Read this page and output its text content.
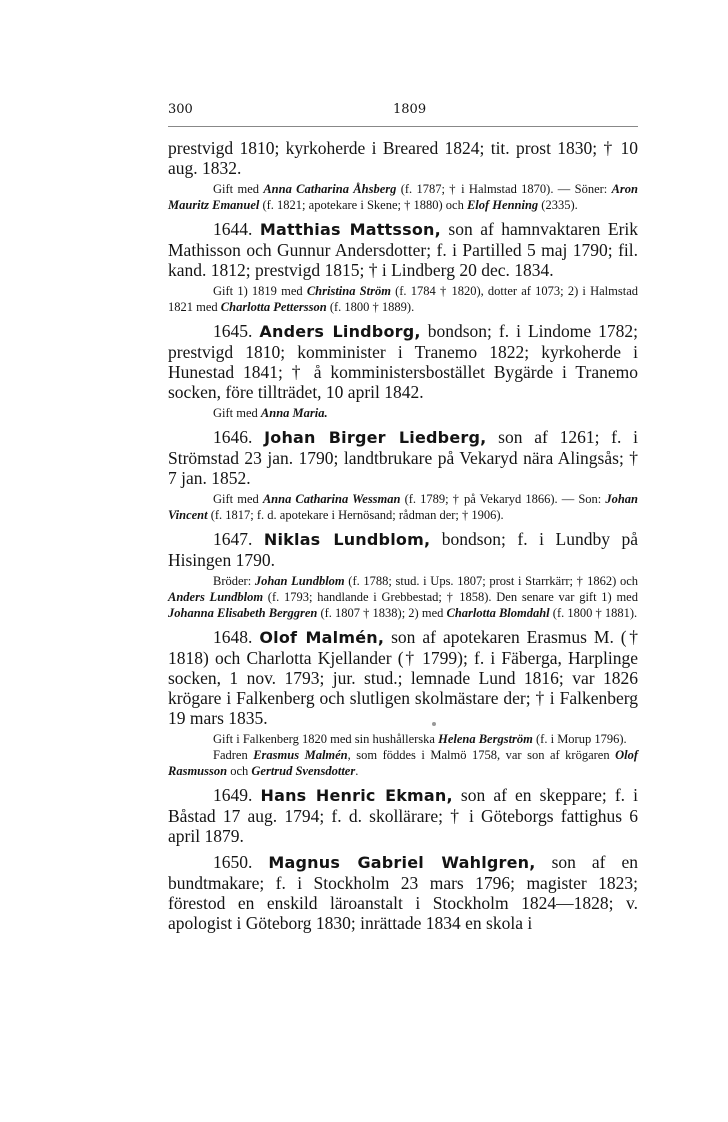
300	1809

prestvigd 1810; kyrkoherde i Breared 1824; tit. prost 1830; † 10 aug. 1832.

Gift med Anna Catharina Åhsberg (f. 1787; † i Halmstad 1870). — Söner: Aron Mauritz Emanuel (f. 1821; apotekare i Skene; † 1880) och Elof Henning (2335).

1644. Matthias Mattsson, son af hamnvaktaren Erik Mathisson och Gunnur Andersdotter; f. i Partilled 5 maj 1790; fil. kand. 1812; prestvigd 1815; † i Lindberg 20 dec. 1834.

Gift 1) 1819 med Christina Ström (f. 1784 † 1820), dotter af 1073; 2) i Halmstad 1821 med Charlotta Pettersson (f. 1800 † 1889).

1645. Anders Lindborg, bondson; f. i Lindome 1782; prestvigd 1810; komminister i Tranemo 1822; kyrkoherde i Hunestad 1841; † å komministersbostället Bygärde i Tranemo socken, före tillträdet, 10 april 1842.

Gift med Anna Maria.

1646. Johan Birger Liedberg, son af 1261; f. i Strömstad 23 jan. 1790; landtbrukare på Vekaryd nära Alingsås; † 7 jan. 1852.

Gift med Anna Catharina Wessman (f. 1789; † på Vekaryd 1866). — Son: Johan Vincent (f. 1817; f. d. apotekare i Hernösand; rådman der; † 1906).

1647. Niklas Lundblom, bondson; f. i Lundby på Hisingen 1790.

Bröder: Johan Lundblom (f. 1788; stud. i Ups. 1807; prost i Starrkärr; † 1862) och Anders Lundblom (f. 1793; handlande i Grebbestad; † 1858). Den senare var gift 1) med Johanna Elisabeth Berggren (f. 1807 † 1838); 2) med Charlotta Blomdahl (f. 1800 † 1881).

1648. Olof Malmén, son af apotekaren Erasmus M. († 1818) och Charlotta Kjellander († 1799); f. i Fäberga, Harplinge socken, 1 nov. 1793; jur. stud.; lemnade Lund 1816; var 1826 krögare i Falkenberg och slutligen skolmästare der; † i Falkenberg 19 mars 1835.

Gift i Falkenberg 1820 med sin hushållerska Helena Bergström (f. i Morup 1796).

Fadren Erasmus Malmén, som föddes i Malmö 1758, var son af krögaren Olof Rasmusson och Gertrud Svensdotter.

1649. Hans Henric Ekman, son af en skeppare; f. i Båstad 17 aug. 1794; f. d. skollärare; † i Göteborgs fattighus 6 april 1879.

1650. Magnus Gabriel Wahlgren, son af en bundtmakare; f. i Stockholm 23 mars 1796; magister 1823; förestod en enskild läroanstalt i Stockholm 1824—1828; v. apologist i Göteborg 1830; inrättade 1834 en skola i
